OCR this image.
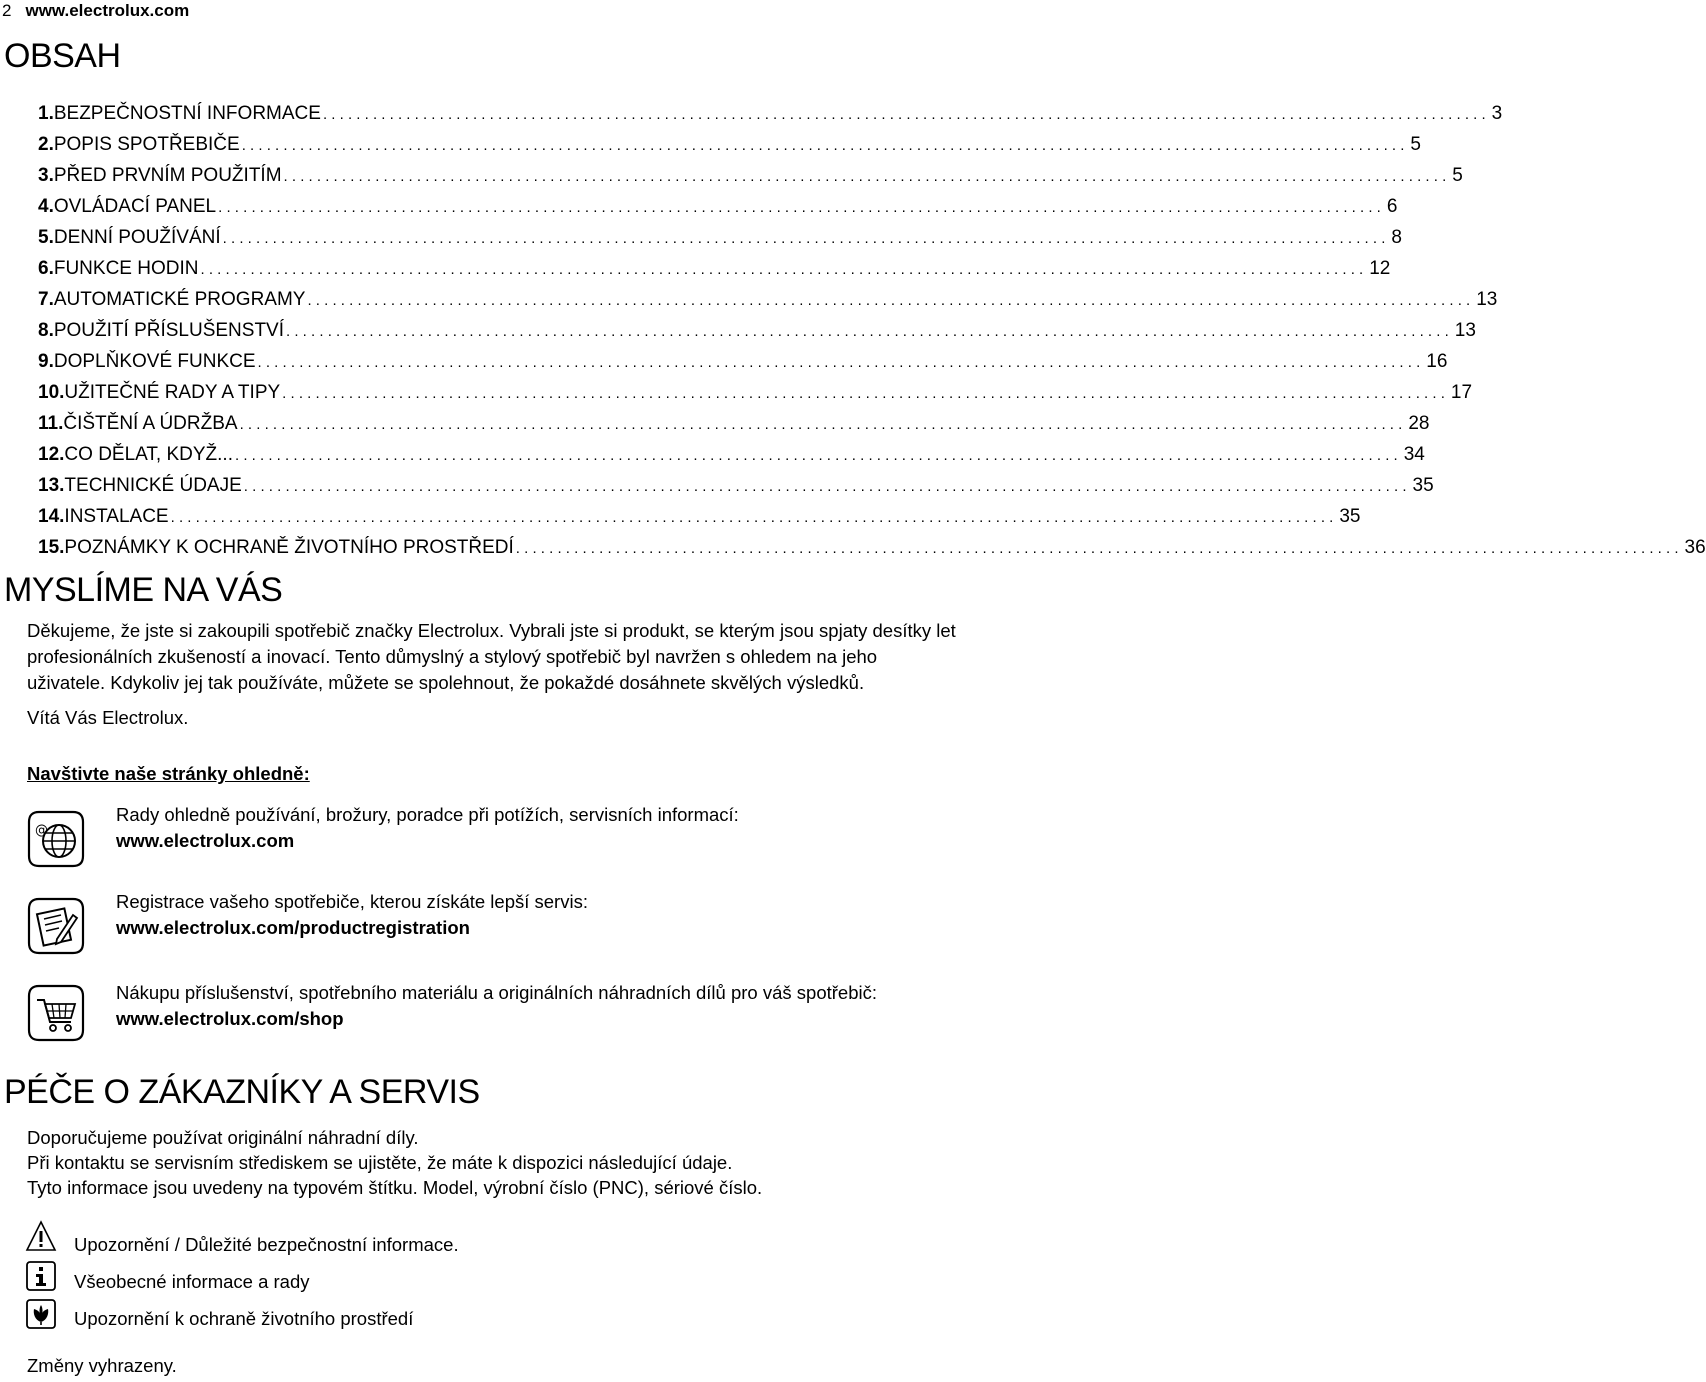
2 www.electrolux.com
OBSAH
1. BEZPEČNOSTNÍ INFORMACE . . .	3
2. POPIS SPOTŘEBIČE . . .	5
3. PŘED PRVNÍM POUŽITÍM . . .	5
4. OVLÁDACÍ PANEL . . .	6
5. DENNÍ POUŽÍVÁNÍ . . .	8
6. FUNKCE HODIN . . .	12
7. AUTOMATICKÉ PROGRAMY . . .	13
8. POUŽITÍ PŘÍSLUŠENSTVÍ . . .	13
9. DOPLŇKOVÉ FUNKCE . . .	16
10. UŽITEČNÉ RADY A TIPY . . .	17
11. ČIŠTĚNÍ A ÚDRŽBA . . .	28
12. CO DĚLAT, KDYŽ... . . .	34
13. TECHNICKÉ ÚDAJE . . .	35
14. INSTALACE . . .	35
15. POZNÁMKY K OCHRANĚ ŽIVOTNÍHO PROSTŘEDÍ . . .	36
MYSLÍME NA VÁS

Děkujeme, že jste si zakoupili spotřebič značky Electrolux. Vybrali jste si produkt, se kterým jsou spjaty desítky let profesionálních zkušeností a inovací. Tento důmyslný a stylový spotřebič byl navržen s ohledem na jeho uživatele. Kdykoliv jej tak používáte, můžete se spolehnout, že pokaždé dosáhnete skvělých výsledků.

Vítá Vás Electrolux.

Navštivte naše stránky ohledně:

@
Rady ohledně používání, brožury, poradce při potížích, servisních informací:
www.electrolux.com
Registrace vašeho spotřebiče, kterou získáte lepší servis:
www.electrolux.com/productregistration
Nákupu příslušenství, spotřebního materiálu a originálních náhradních dílů pro váš spotřebič:
www.electrolux.com/shop
PÉČE O ZÁKAZNÍKY A SERVIS
Doporučujeme používat originální náhradní díly.
Při kontaktu se servisním střediskem se ujistěte, že máte k dispozici následující údaje.
Tyto informace jsou uvedeny na typovém štítku. Model, výrobní číslo (PNC), sériové číslo.
Upozornění / Důležité bezpečnostní informace.
Všeobecné informace a rady
Upozornění k ochraně životního prostředí
Změny vyhrazeny.
